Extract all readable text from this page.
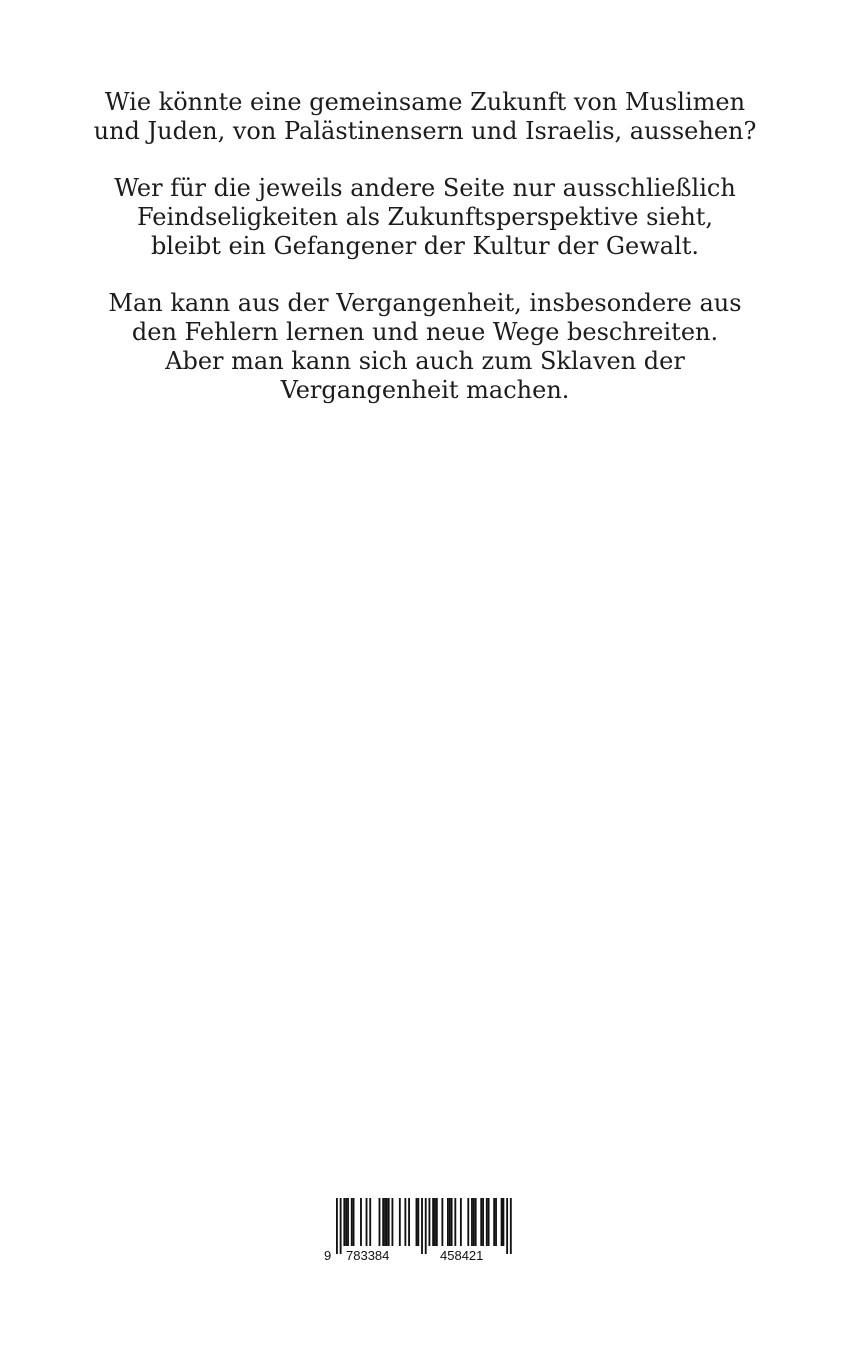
Wie könnte eine gemeinsame Zukunft von Muslimen
und Juden, von Palästinensern und Israelis, aussehen?

Wer für die jeweils andere Seite nur ausschließlich
Feindseligkeiten als Zukunftsperspektive sieht,
bleibt ein Gefangener der Kultur der Gewalt.

Man kann aus der Vergangenheit, insbesondere aus
den Fehlern lernen und neue Wege beschreiten.
Aber man kann sich auch zum Sklaven der
Vergangenheit machen.

9 783384	458421
